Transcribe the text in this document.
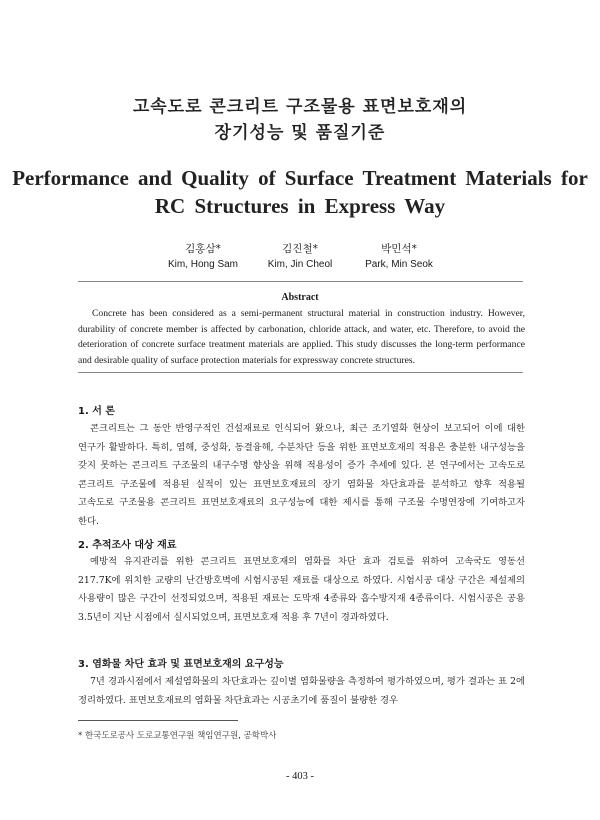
고속도로 콘크리트 구조물용 표면보호재의
장기성능 및 품질기준
Performance and Quality of Surface Treatment Materials for
RC Structures in Express Way
김홍삼*
Kim, Hong Sam
김진철*
Kim, Jin Cheol
박민석*
Park, Min Seok
Abstract
Concrete has been considered as a semi-permanent structural material in construction industry. However, durability of concrete member is affected by carbonation, chloride attack, and water, etc. Therefore, to avoid the deterioration of concrete surface treatment materials are applied. This study discusses the long-term performance and desirable quality of surface protection materials for expressway concrete structures.
1. 서 론
콘크리트는 그 동안 반영구적인 건설재료로 인식되어 왔으나, 최근 조기열화 현상이 보고되어 이에 대한 연구가 활발하다. 특히, 염해, 중성화, 동결융해, 수분차단 등을 위한 표면보호재의 적용은 충분한 내구성능을 갖지 못하는 콘크리트 구조물의 내구수명 향상을 위해 적용성이 증가 추세에 있다. 본 연구에서는 고속도로 콘크리트 구조물에 적용된 실적이 있는 표면보호재료의 장기 염화물 차단효과를 분석하고 향후 적용될 고속도로 구조물용 콘크리트 표면보호재료의 요구성능에 대한 제시를 통해 구조물 수명연장에 기여하고자 한다.
2. 추적조사 대상 재료
예방적 유지관리를 위한 콘크리트 표면보호재의 염화를 차단 효과 검토를 위하여 고속국도 영동선 217.7K에 위치한 교량의 난간방호벽에 시험시공된 재료를 대상으로 하였다. 시험시공 대상 구간은 제설제의 사용량이 많은 구간이 선정되었으며, 적용된 재료는 도막재 4종류와 흡수방지재 4종류이다. 시험시공은 공용 3.5년이 지난 시점에서 실시되었으며, 표면보호재 적용 후 7년이 경과하였다.
3. 염화물 차단 효과 및 표면보호재의 요구성능
7년 경과시점에서 제설염화물의 차단효과는 깊이별 염화물량을 측정하여 평가하였으며, 평가 결과는 표 2에 정리하였다. 표면보호재료의 염화물 차단효과는 시공초기에 품질이 불량한 경우
* 한국도로공사 도로교통연구원 책임연구원, 공학박사
- 403 -
